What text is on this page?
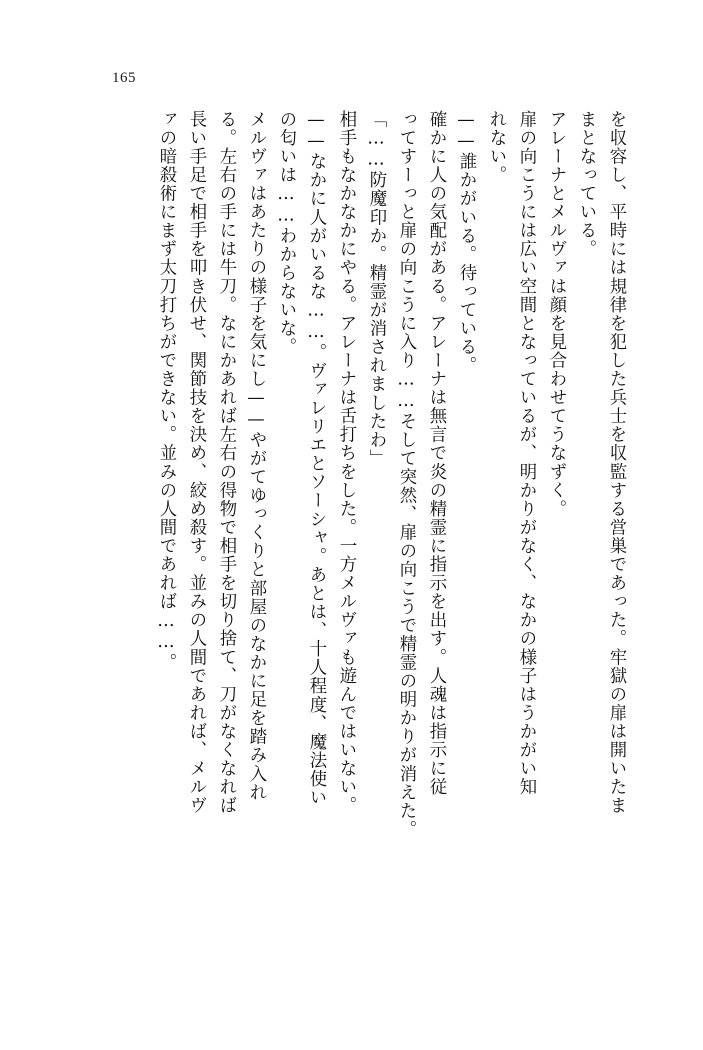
165
を収容し、平時には規律を犯した兵士を収監する営巣であった。牢獄の扉は開いたま
まとなっている。
アレーナとメルヴァは顔を見合わせてうなずく。
扉の向こうには広い空間となっているが、明かりがなく、なかの様子はうかがい知
れない。
——誰かがいる。待っている。
確かに人の気配がある。アレーナは無言で炎の精霊に指示を出す。人魂は指示に従
ってすーっと扉の向こうに入り……そして突然、扉の向こうで精霊の明かりが消えた。
「……防魔印か。精霊が消されましたわ」
相手もなかなかにやる。アレーナは舌打ちをした。一方メルヴァも遊んではいない。
——なかに人がいるな……。ヴァレリエとソーシャ。あとは、十人程度、魔法使い
の匂いは……わからないな。
メルヴァはあたりの様子を気にし——やがてゆっくりと部屋のなかに足を踏み入れ
る。左右の手には牛刀。なにかあれば左右の得物で相手を切り捨て、刀がなくなれば
長い手足で相手を叩き伏せ、関節技を決め、絞め殺す。並みの人間であれば、メルヴ
ァの暗殺術にまず太刀打ちができない。並みの人間であれば……。
